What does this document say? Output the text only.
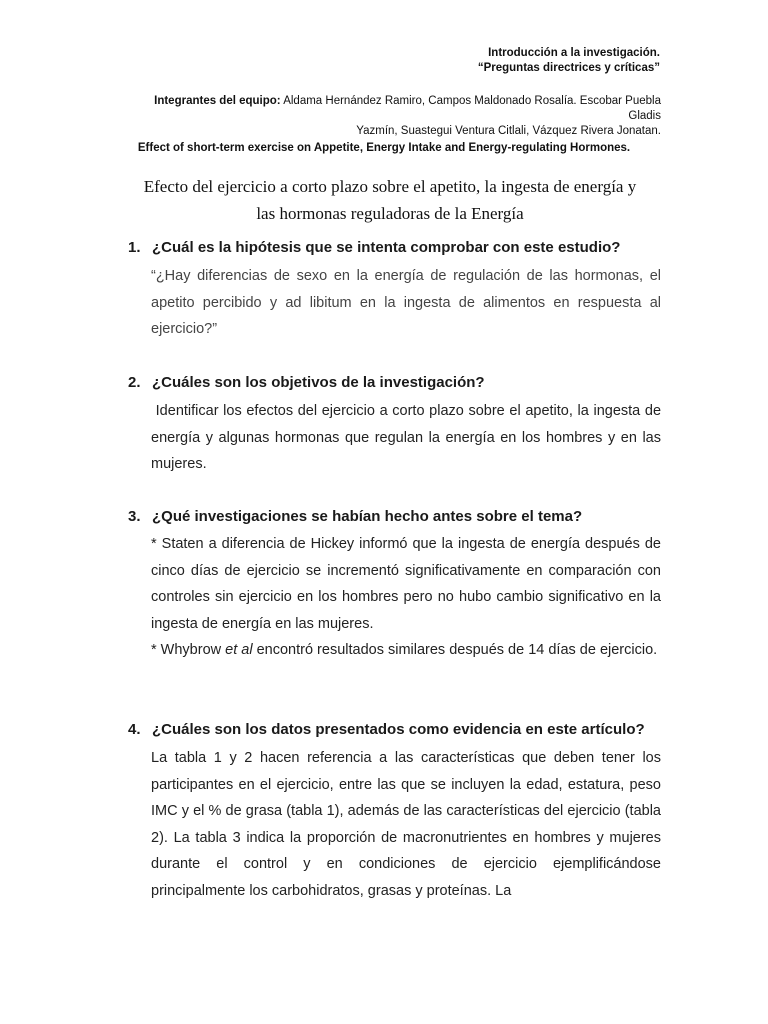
Introducción a la investigación.
“Preguntas directrices y críticas”
Integrantes del equipo: Aldama Hernández Ramiro, Campos Maldonado Rosalía. Escobar Puebla Gladis
Yazmín, Suastegui Ventura Citlali, Vázquez Rivera Jonatan.
Effect of short-term exercise on Appetite, Energy Intake and Energy-regulating Hormones.
Efecto del ejercicio a corto plazo sobre el apetito, la ingesta de energía y
las hormonas reguladoras de la Energía
1. ¿Cuál es la hipótesis que se intenta comprobar con este estudio?

“¿Hay diferencias de sexo en la energía de regulación de las hormonas, el apetito percibido y ad libitum en la ingesta de alimentos en respuesta al ejercicio?”

2. ¿Cuáles son los objetivos de la investigación?

Identificar los efectos del ejercicio a corto plazo sobre el apetito, la ingesta de energía y algunas hormonas que regulan la energía en los hombres y en las mujeres.

3. ¿Qué investigaciones se habían hecho antes sobre el tema?

* Staten a diferencia de Hickey informó que la ingesta de energía después de cinco días de ejercicio se incrementó significativamente en comparación con controles sin ejercicio en los hombres pero no hubo cambio significativo en la ingesta de energía en las mujeres.

* Whybrow et al encontró resultados similares después de 14 días de ejercicio.

4. ¿Cuáles son los datos presentados como evidencia en este artículo?

La tabla 1 y 2 hacen referencia a las características que deben tener los participantes en el ejercicio, entre las que se incluyen la edad, estatura, peso IMC y el % de grasa (tabla 1), además de las características del ejercicio (tabla 2). La tabla 3 indica la proporción de macronutrientes en hombres y mujeres durante el control y en condiciones de ejercicio ejemplificándose principalmente los carbohidratos, grasas y proteínas. La
